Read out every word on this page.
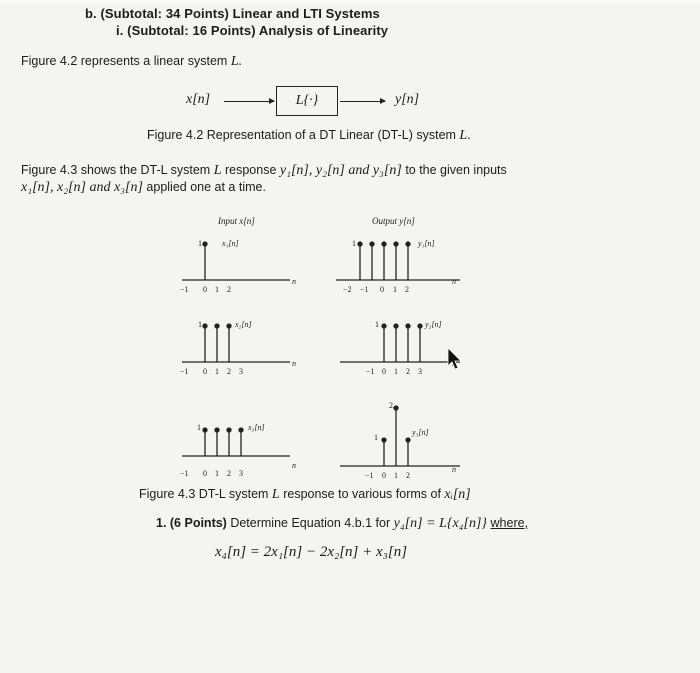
b. (Subtotal: 34 Points) Linear and LTI Systems
i. (Subtotal: 16 Points) Analysis of Linearity
Figure 4.2 represents a linear system L.
x[n]	L{·}	y[n]
Figure 4.2 Representation of a DT Linear (DT-L) system L.
Figure 4.3 shows the DT-L system L response y₁[n], y₂[n] and y₃[n] to the given inputs
x₁[n], x₂[n] and x₃[n] applied one at a time.
Input x[n]	Output y[n]
1	x₁[n]
n
−1 0 1 2
1	y₁[n]
n
−2 −1 0 1 2
1	x₂[n]
n
−1 0 1 2 3
1	y₂[n]
−1 0 1 2 3
1	x₃[n]
n
−1 0 1 2 3
1
2
y₃[n]
n
−1 0 1 2
Figure 4.3 DT-L system L response to various forms of xᵢ[n]
1. (6 Points) Determine Equation 4.b.1 for y₄[n] = L{x₄[n]} where,
x₄[n] = 2x₁[n] − 2x₂[n] + x₃[n]
